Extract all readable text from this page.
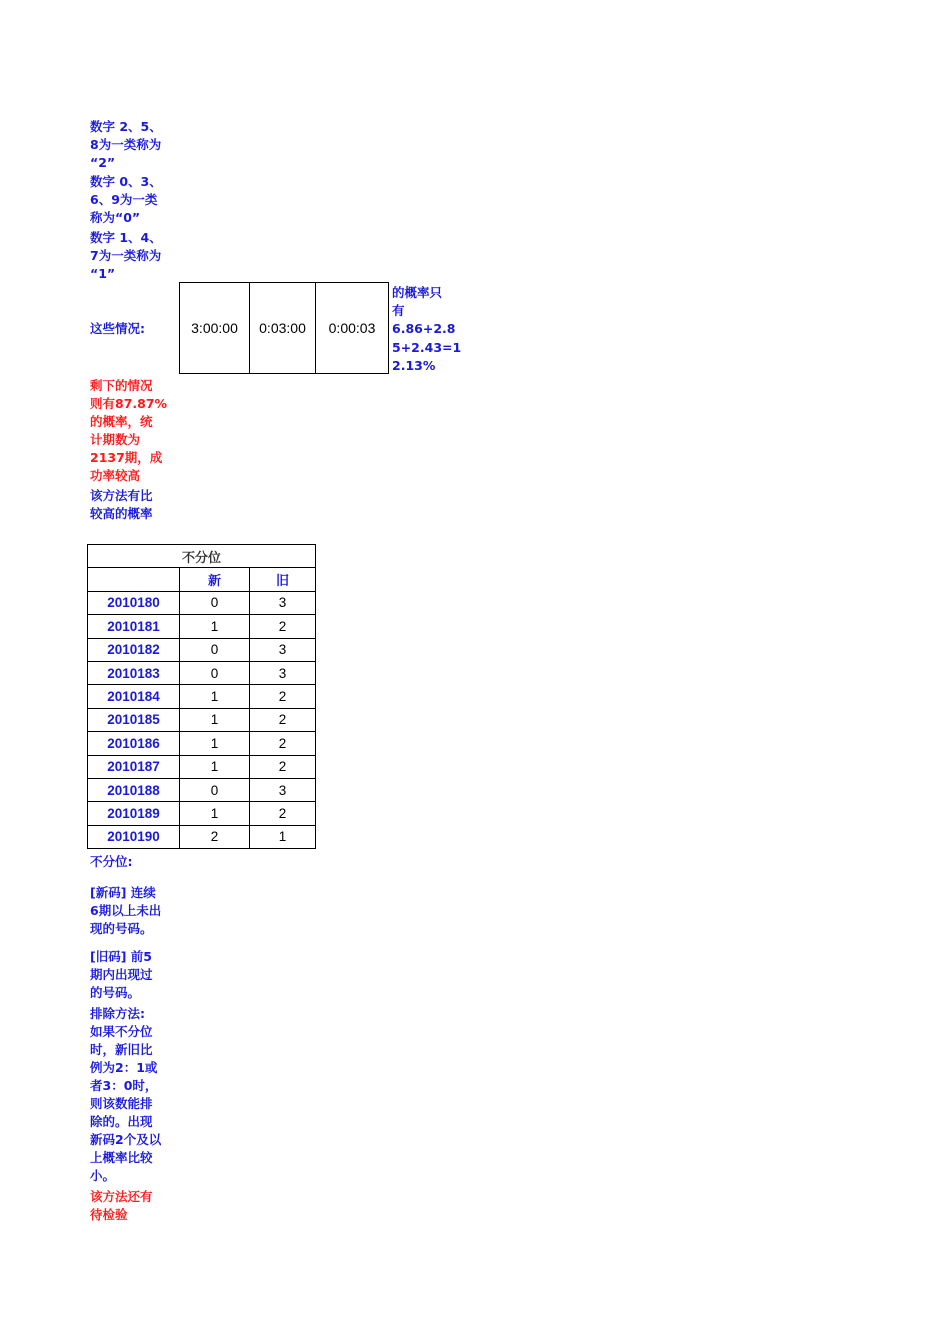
数字 2、5、
8为一类称为
“2”
数字 0、3、
6、9为一类
称为“0”
数字 1、4、
7为一类称为
“1”
这些情况:	3:00:00	0:03:00	0:00:03
的概率只
有
6.86+2.8
5+2.43=1
2.13%
剩下的情况
则有87.87%
的概率，统
计期数为
2137期，成
功率较高
该方法有比
较高的概率
不分位		
	新	旧
2010180	0	3
2010181	1	2
2010182	0	3
2010183	0	3
2010184	1	2
2010185	1	2
2010186	1	2
2010187	1	2
2010188	0	3
2010189	1	2
2010190	2	1
不分位:
[新码] 连续
6期以上未出
现的号码。
[旧码] 前5
期内出现过
的号码。
排除方法:
如果不分位
时，新旧比
例为2：1或
者3：0时，
则该数能排
除的。出现
新码2个及以
上概率比较
小。
该方法还有
待检验
